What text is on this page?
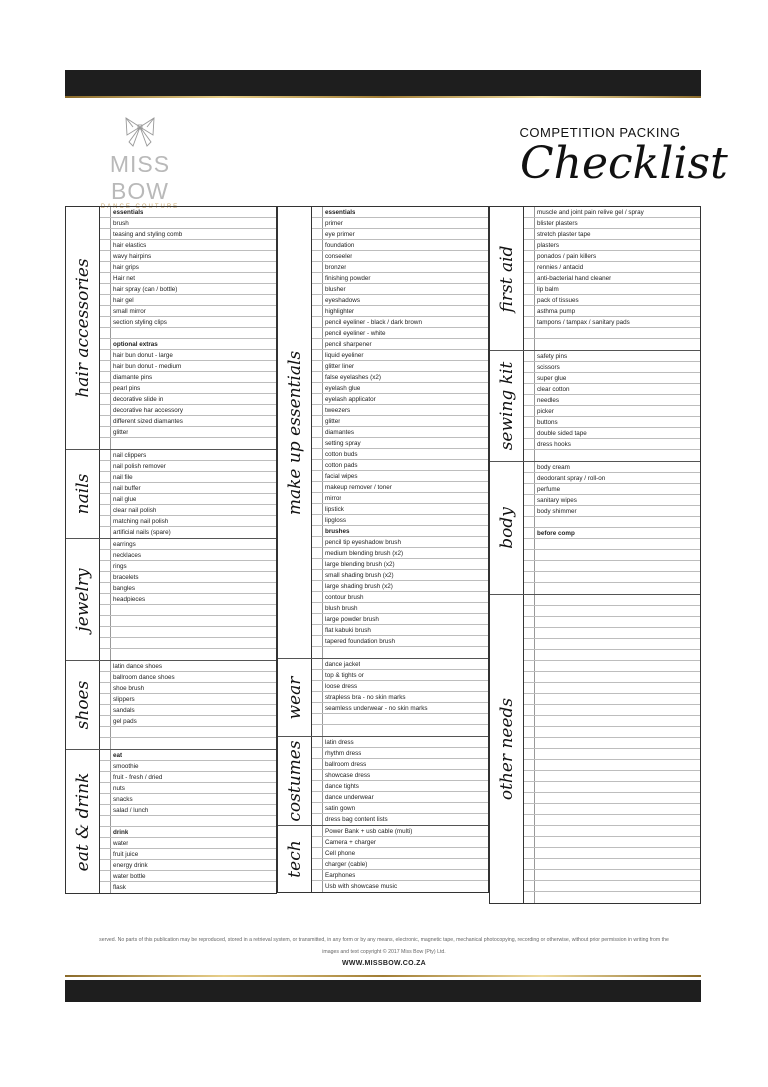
MISS BOW
DANCE COUTURE
COMPETITION PACKING
Checklist
hair accessories
essentials
brush
teasing and styling comb
hair elastics
wavy hairpins
hair grips
Hair net
hair spray (can / bottle)
hair gel
small mirror
section styling clips
optional extras
hair bun donut - large
hair bun donut - medium
diamante pins
pearl pins
decorative slide in
decorative har accessory
different sized diamantes
glitter
nails
nail clippers
nail polish remover
nail file
nail buffer
nail glue
clear nail polish
matching nail polish
artificial nails (spare)
jewelry
earrings
necklaces
rings
bracelets
bangles
headpieces
shoes
latin dance shoes
ballroom dance shoes
shoe brush
slippers
sandals
gel pads
eat & drink
eat
smoothie
fruit - fresh / dried
nuts
snacks
salad / lunch
drink
water
fruit juice
energy drink
water bottle
flask
make up essentials
essentials
primer
eye primer
foundation
conseeler
bronzer
finishing powder
blusher
eyeshadows
highlighter
pencil eyeliner - black / dark brown
pencil eyeliner - white
pencil sharpener
liquid eyeliner
glitter liner
false eyelashes (x2)
eyelash glue
eyelash applicator
tweezers
glitter
diamantes
setting spray
cotton buds
cotton pads
facial wipes
makeup remover / toner
mirror
lipstick
lipgloss
brushes
pencil tip eyeshadow brush
medium blending brush (x2)
large blending brush (x2)
small shading brush (x2)
large shading brush (x2)
contour brush
blush brush
large powder brush
flat kabuki brush
tapered foundation brush
wear
dance jacket
top & tights or
loose dress
strapless bra - no skin marks
seamless underwear - no skin marks
costumes	latin dress
rhythm dress
ballroom dress
showcase dress
dance tights
dance underwear
satin gown
dress bag content lists
tech
Power Bank + usb cable (multi)
Camera + charger
Cell phone
charger (cable)
Earphones
Usb with showcase music
first aid
muscle and joint pain relive gel / spray
blister plasters
stretch plaster tape
plasters
ponados / pain killers
rennies / antacid
anti-bacterial hand cleaner
lip balm
pack of tissues
asthma pump
tampons / tampax / sanitary pads
sewing kit
safety pins
scissors
super glue
clear cotton
needles
picker
buttons
double sided tape
dress hooks
body
body cream
deodorant spray / roll-on
perfume
sanitary wipes
body shimmer
before comp
other needs
served. No parts of this publication may be reproduced, stored in a retrieval system, or transmitted, in any form or by any means, electronic, magnetic tape, mechanical photocopying, recording or otherwise, without prior permission in writing from the
images and text copyright © 2017 Miss Bow (Pty) Ltd.
WWW.MISSBOW.CO.ZA
